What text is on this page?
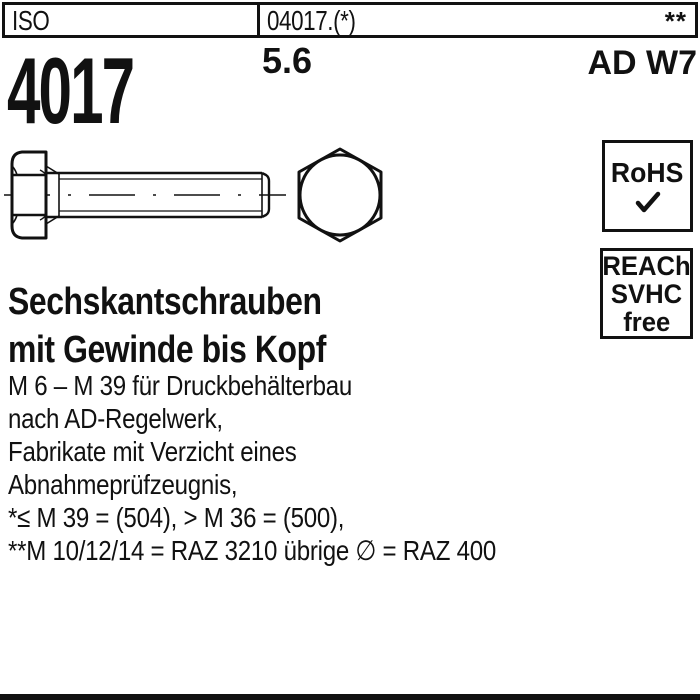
ISO	04017.(*)	**
4017	5.6	AD W7
RoHS
REACh
SVHC
free
Sechskantschrauben
mit Gewinde bis Kopf
M 6 – M 39 für Druckbehälterbau
nach AD-Regelwerk,
Fabrikate mit Verzicht eines
Abnahmeprüfzeugnis,
*≤ M 39 = (504), > M 36 = (500),
**M 10/12/14 = RAZ 3210 übrige ∅ = RAZ 400
